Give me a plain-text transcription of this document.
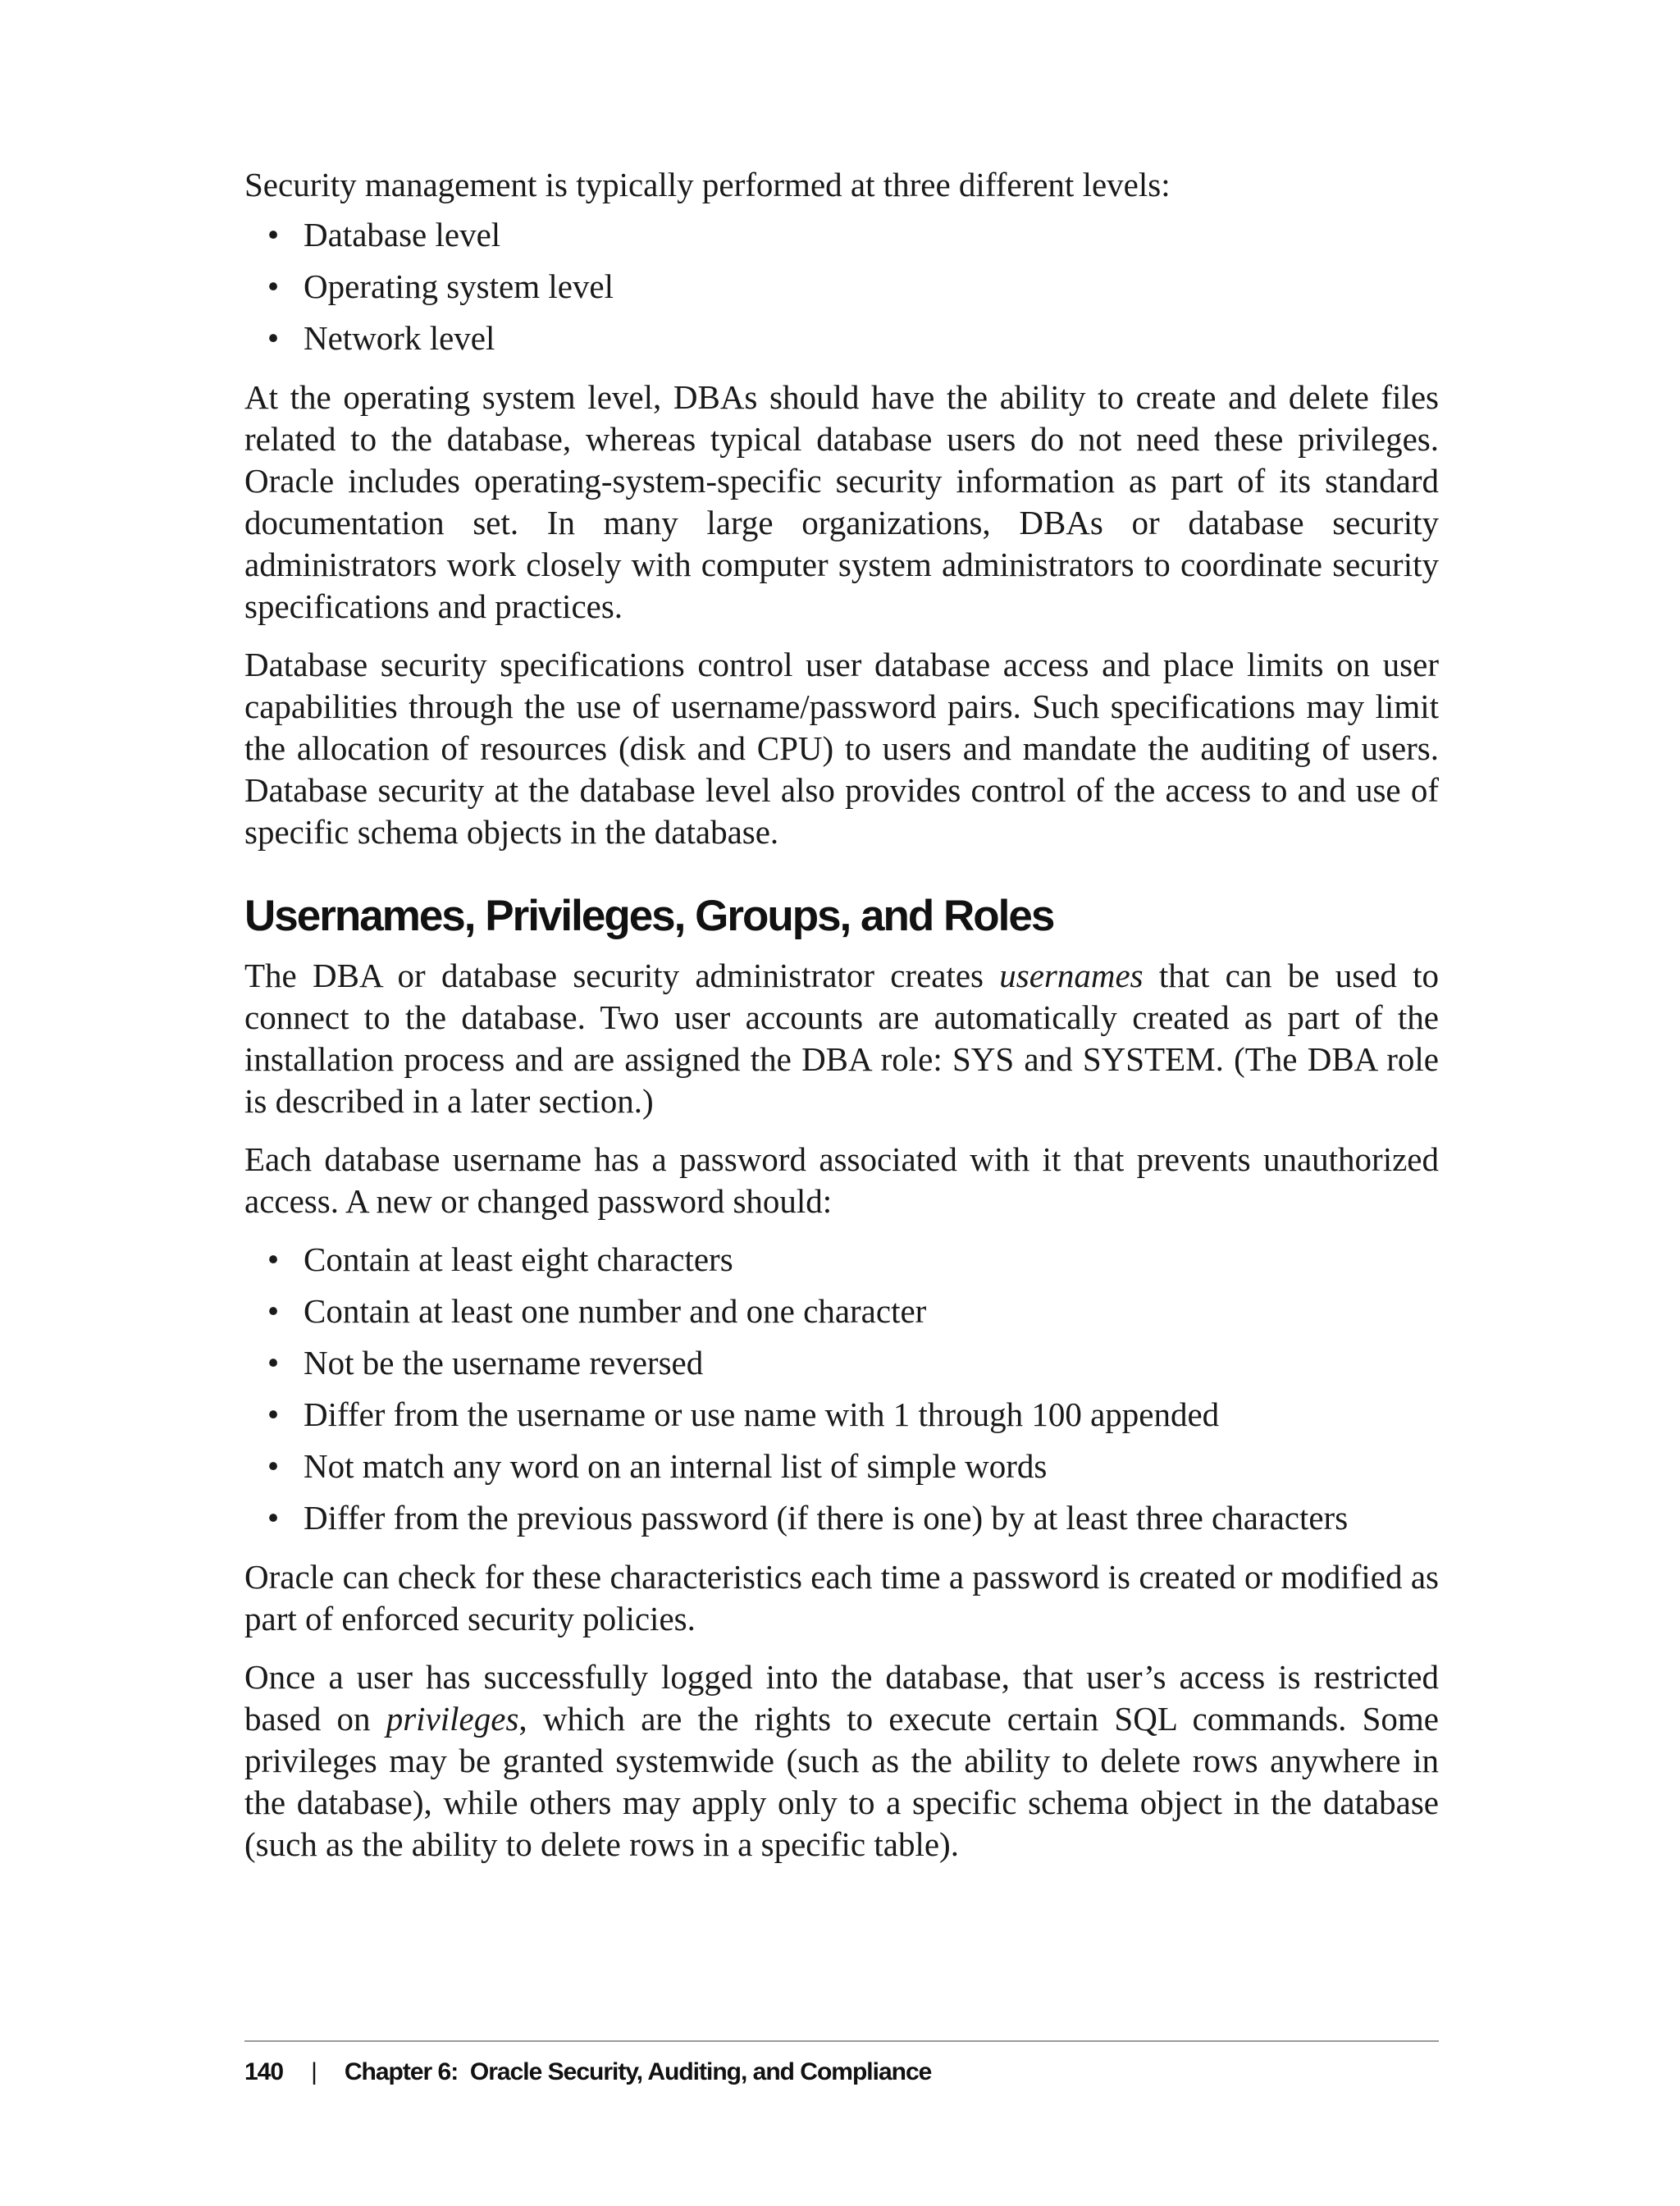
Security management is typically performed at three different levels:

• Database level
• Operating system level
• Network level

At the operating system level, DBAs should have the ability to create and delete files related to the database, whereas typical database users do not need these privileges. Oracle includes operating-system-specific security information as part of its standard documentation set. In many large organizations, DBAs or database security administrators work closely with computer system administrators to coordinate security specifications and practices.

Database security specifications control user database access and place limits on user capabilities through the use of username/password pairs. Such specifications may limit the allocation of resources (disk and CPU) to users and mandate the auditing of users. Database security at the database level also provides control of the access to and use of specific schema objects in the database.

Usernames, Privileges, Groups, and Roles

The DBA or database security administrator creates usernames that can be used to connect to the database. Two user accounts are automatically created as part of the installation process and are assigned the DBA role: SYS and SYSTEM. (The DBA role is described in a later section.)

Each database username has a password associated with it that prevents unauthorized access. A new or changed password should:

• Contain at least eight characters
• Contain at least one number and one character
• Not be the username reversed
• Differ from the username or use name with 1 through 100 appended
• Not match any word on an internal list of simple words
• Differ from the previous password (if there is one) by at least three characters

Oracle can check for these characteristics each time a password is created or modified as part of enforced security policies.

Once a user has successfully logged into the database, that user’s access is restricted based on privileges, which are the rights to execute certain SQL commands. Some privileges may be granted systemwide (such as the ability to delete rows anywhere in the database), while others may apply only to a specific schema object in the database (such as the ability to delete rows in a specific table).

140 | Chapter 6:  Oracle Security, Auditing, and Compliance
